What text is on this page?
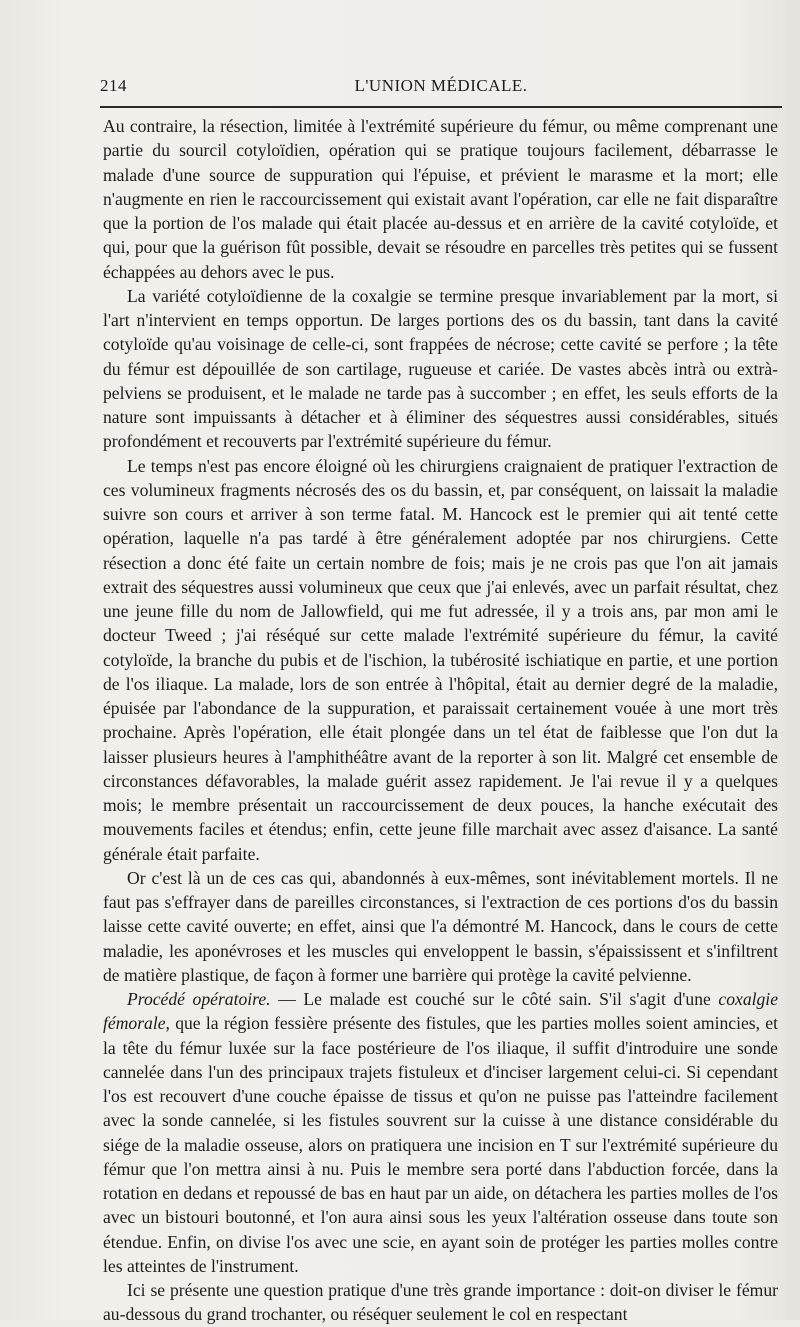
214	L'UNION MÉDICALE.

Au contraire, la résection, limitée à l'extrémité supérieure du fémur, ou même comprenant une partie du sourcil cotyloïdien, opération qui se pratique toujours facilement, débarrasse le malade d'une source de suppuration qui l'épuise, et prévient le marasme et la mort; elle n'augmente en rien le raccourcissement qui existait avant l'opération, car elle ne fait disparaître que la portion de l'os malade qui était placée au-dessus et en arrière de la cavité cotyloïde, et qui, pour que la guérison fût possible, devait se résoudre en parcelles très petites qui se fussent échappées au dehors avec le pus.

La variété cotyloïdienne de la coxalgie se termine presque invariablement par la mort, si l'art n'intervient en temps opportun. De larges portions des os du bassin, tant dans la cavité cotyloïde qu'au voisinage de celle-ci, sont frappées de nécrose; cette cavité se perfore ; la tête du fémur est dépouillée de son cartilage, rugueuse et cariée. De vastes abcès intrà ou extrà-pelviens se produisent, et le malade ne tarde pas à succomber ; en effet, les seuls efforts de la nature sont impuissants à détacher et à éliminer des séquestres aussi considérables, situés profondément et recouverts par l'extrémité supérieure du fémur.

Le temps n'est pas encore éloigné où les chirurgiens craignaient de pratiquer l'extraction de ces volumineux fragments nécrosés des os du bassin, et, par conséquent, on laissait la maladie suivre son cours et arriver à son terme fatal. M. Hancock est le premier qui ait tenté cette opération, laquelle n'a pas tardé à être généralement adoptée par nos chirurgiens. Cette résection a donc été faite un certain nombre de fois; mais je ne crois pas que l'on ait jamais extrait des séquestres aussi volumineux que ceux que j'ai enlevés, avec un parfait résultat, chez une jeune fille du nom de Jallowfield, qui me fut adressée, il y a trois ans, par mon ami le docteur Tweed ; j'ai réséqué sur cette malade l'extrémité supérieure du fémur, la cavité cotyloïde, la branche du pubis et de l'ischion, la tubérosité ischiatique en partie, et une portion de l'os iliaque. La malade, lors de son entrée à l'hôpital, était au dernier degré de la maladie, épuisée par l'abondance de la suppuration, et paraissait certainement vouée à une mort très prochaine. Après l'opération, elle était plongée dans un tel état de faiblesse que l'on dut la laisser plusieurs heures à l'amphithéâtre avant de la reporter à son lit. Malgré cet ensemble de circonstances défavorables, la malade guérit assez rapidement. Je l'ai revue il y a quelques mois; le membre présentait un raccourcissement de deux pouces, la hanche exécutait des mouvements faciles et étendus; enfin, cette jeune fille marchait avec assez d'aisance. La santé générale était parfaite.

Or c'est là un de ces cas qui, abandonnés à eux-mêmes, sont inévitablement mortels. Il ne faut pas s'effrayer dans de pareilles circonstances, si l'extraction de ces portions d'os du bassin laisse cette cavité ouverte; en effet, ainsi que l'a démontré M. Hancock, dans le cours de cette maladie, les aponévroses et les muscles qui enveloppent le bassin, s'épaississent et s'infiltrent de matière plastique, de façon à former une barrière qui protège la cavité pelvienne.

Procédé opératoire. — Le malade est couché sur le côté sain. S'il s'agit d'une coxalgie fémorale, que la région fessière présente des fistules, que les parties molles soient amincies, et la tête du fémur luxée sur la face postérieure de l'os iliaque, il suffit d'introduire une sonde cannelée dans l'un des principaux trajets fistuleux et d'inciser largement celui-ci. Si cependant l'os est recouvert d'une couche épaisse de tissus et qu'on ne puisse pas l'atteindre facilement avec la sonde cannelée, si les fistules souvrent sur la cuisse à une distance considérable du siége de la maladie osseuse, alors on pratiquera une incision en T sur l'extrémité supérieure du fémur que l'on mettra ainsi à nu. Puis le membre sera porté dans l'abduction forcée, dans la rotation en dedans et repoussé de bas en haut par un aide, on détachera les parties molles de l'os avec un bistouri boutonné, et l'on aura ainsi sous les yeux l'altération osseuse dans toute son étendue. Enfin, on divise l'os avec une scie, en ayant soin de protéger les parties molles contre les atteintes de l'instrument.

Ici se présente une question pratique d'une très grande importance : doit-on diviser le fémur au-dessous du grand trochanter, ou réséquer seulement le col en respectant
